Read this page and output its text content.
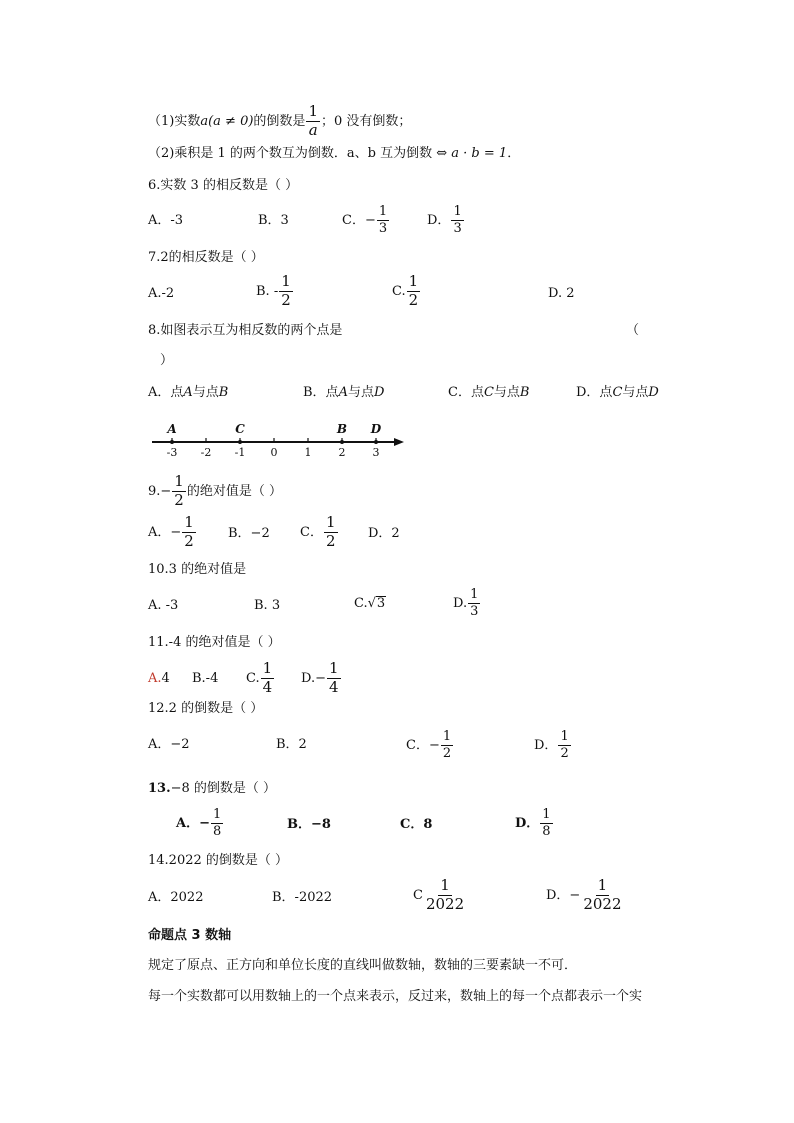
（1)实数 a(a ≠ 0) 的倒数是 $\frac{1}{a}$ ；0 没有倒数；
（2)乘积是 1 的两个数互为倒数．a、b 互为倒数 ⇔ a · b = 1．
6.实数 3 的相反数是（ ）
A．-3	B．3	C．− $\frac{1}{3}$	D． $\frac{1}{3}$
7.2的相反数是（ ）
A.-2	B. - $\frac{1}{2}$	C. $\frac{1}{2}$	D. 2
8.如图表示互为相反数的两个点是	（
）
A．点 A 与点 B	B．点 A 与点 D	C．点 C 与点 B	D．点 C 与点 D
-3 -2 -1 0 1 2 3
A	C	B D
$9.- \frac{1}{2}$ 的绝对值是（ ）
A．− $\frac{1}{2}$ B．−2 C． $\frac{1}{2}$ D．2
10.3 的绝对值是
A. -3	B. 3	C. √ 3	D. $\frac{1}{3}$
11.-4 的绝对值是（ ）
A. 4 B.-4 C. $\frac{1}{4} D.- \frac{1}{4}$
12.2 的倒数是（ ）
A．−2	B．2	C．− $\frac{1}{2}$	D． $\frac{1}{2}$
13.−8 的倒数是（ ）
A．− $\frac{1}{8}$	B．−8	C．8	D． $\frac{1}{8}$
14.2022 的倒数是（ ）
A．2022	B．-2022	C $\frac{1}{2022}$	D．− $\frac{1}{2022}$
命题点 3 数轴
规定了原点、正方向和单位长度的直线叫做数轴，数轴的三要素缺一不可．
每一个实数都可以用数轴上的一个点来表示，反过来，数轴上的每一个点都表示一个实
